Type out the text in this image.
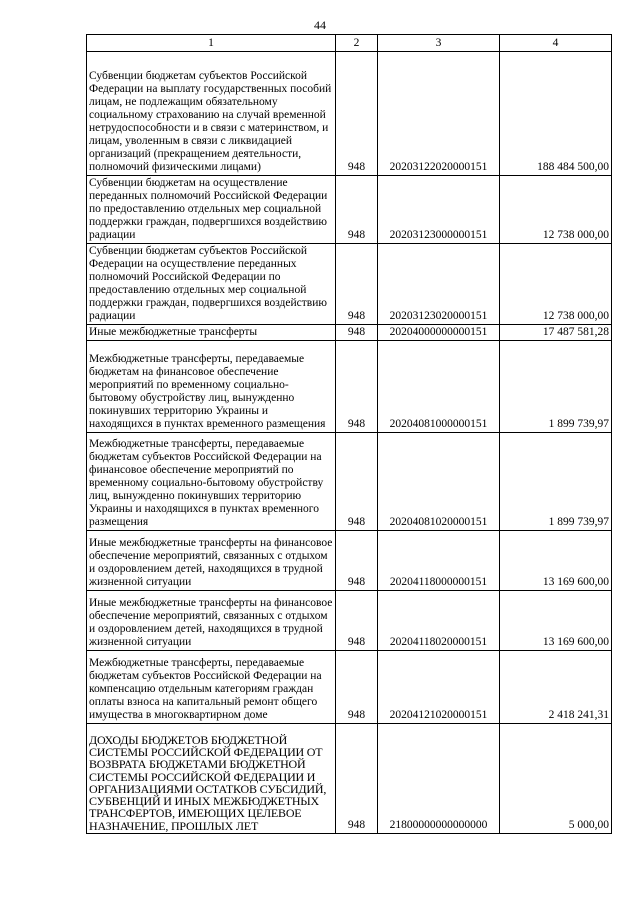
44
1	2	3	4
Субвенции бюджетам субъектов Российской Федерации на выплату государственных пособий лицам, не подлежащим обязательному социальному страхованию на случай временной нетрудоспособности и в связи с материнством, и лицам, уволенным в связи с ликвидацией организаций (прекращением деятельности, полномочий физическими лицами)	948	20203122020000151	188 484 500,00
Субвенции бюджетам на осуществление переданных полномочий Российской Федерации по предоставлению отдельных мер социальной поддержки граждан, подвергшихся воздействию радиации	948	20203123000000151	12 738 000,00
Субвенции бюджетам субъектов Российской Федерации на осуществление переданных полномочий Российской Федерации по предоставлению отдельных мер социальной поддержки граждан, подвергшихся воздействию радиации	948	20203123020000151	12 738 000,00
Иные межбюджетные трансферты	948	20204000000000151	17 487 581,28
Межбюджетные трансферты, передаваемые бюджетам на финансовое обеспечение мероприятий по временному социально-бытовому обустройству лиц, вынужденно покинувших территорию Украины и находящихся в пунктах временного размещения	948	20204081000000151	1 899 739,97
Межбюджетные трансферты, передаваемые бюджетам субъектов Российской Федерации на финансовое обеспечение мероприятий по временному социально-бытовому обустройству лиц, вынужденно покинувших территорию Украины и находящихся в пунктах временного размещения	948	20204081020000151	1 899 739,97
Иные межбюджетные трансферты на финансовое обеспечение мероприятий, связанных с отдыхом и оздоровлением детей, находящихся в трудной жизненной ситуации	948	20204118000000151	13 169 600,00
Иные межбюджетные трансферты на финансовое обеспечение мероприятий, связанных с отдыхом и оздоровлением детей, находящихся в трудной жизненной ситуации	948	20204118020000151	13 169 600,00
Межбюджетные трансферты, передаваемые бюджетам субъектов Российской Федерации на компенсацию отдельным категориям граждан оплаты взноса на капитальный ремонт общего имущества в многоквартирном доме	948	20204121020000151	2 418 241,31
ДОХОДЫ БЮДЖЕТОВ БЮДЖЕТНОЙ СИСТЕМЫ РОССИЙСКОЙ ФЕДЕРАЦИИ ОТ ВОЗВРАТА БЮДЖЕТАМИ БЮДЖЕТНОЙ СИСТЕМЫ РОССИЙСКОЙ ФЕДЕРАЦИИ И ОРГАНИЗАЦИЯМИ ОСТАТКОВ СУБСИДИЙ, СУБВЕНЦИЙ И ИНЫХ МЕЖБЮДЖЕТНЫХ ТРАНСФЕРТОВ, ИМЕЮЩИХ ЦЕЛЕВОЕ НАЗНАЧЕНИЕ, ПРОШЛЫХ ЛЕТ	948	21800000000000000	5 000,00
